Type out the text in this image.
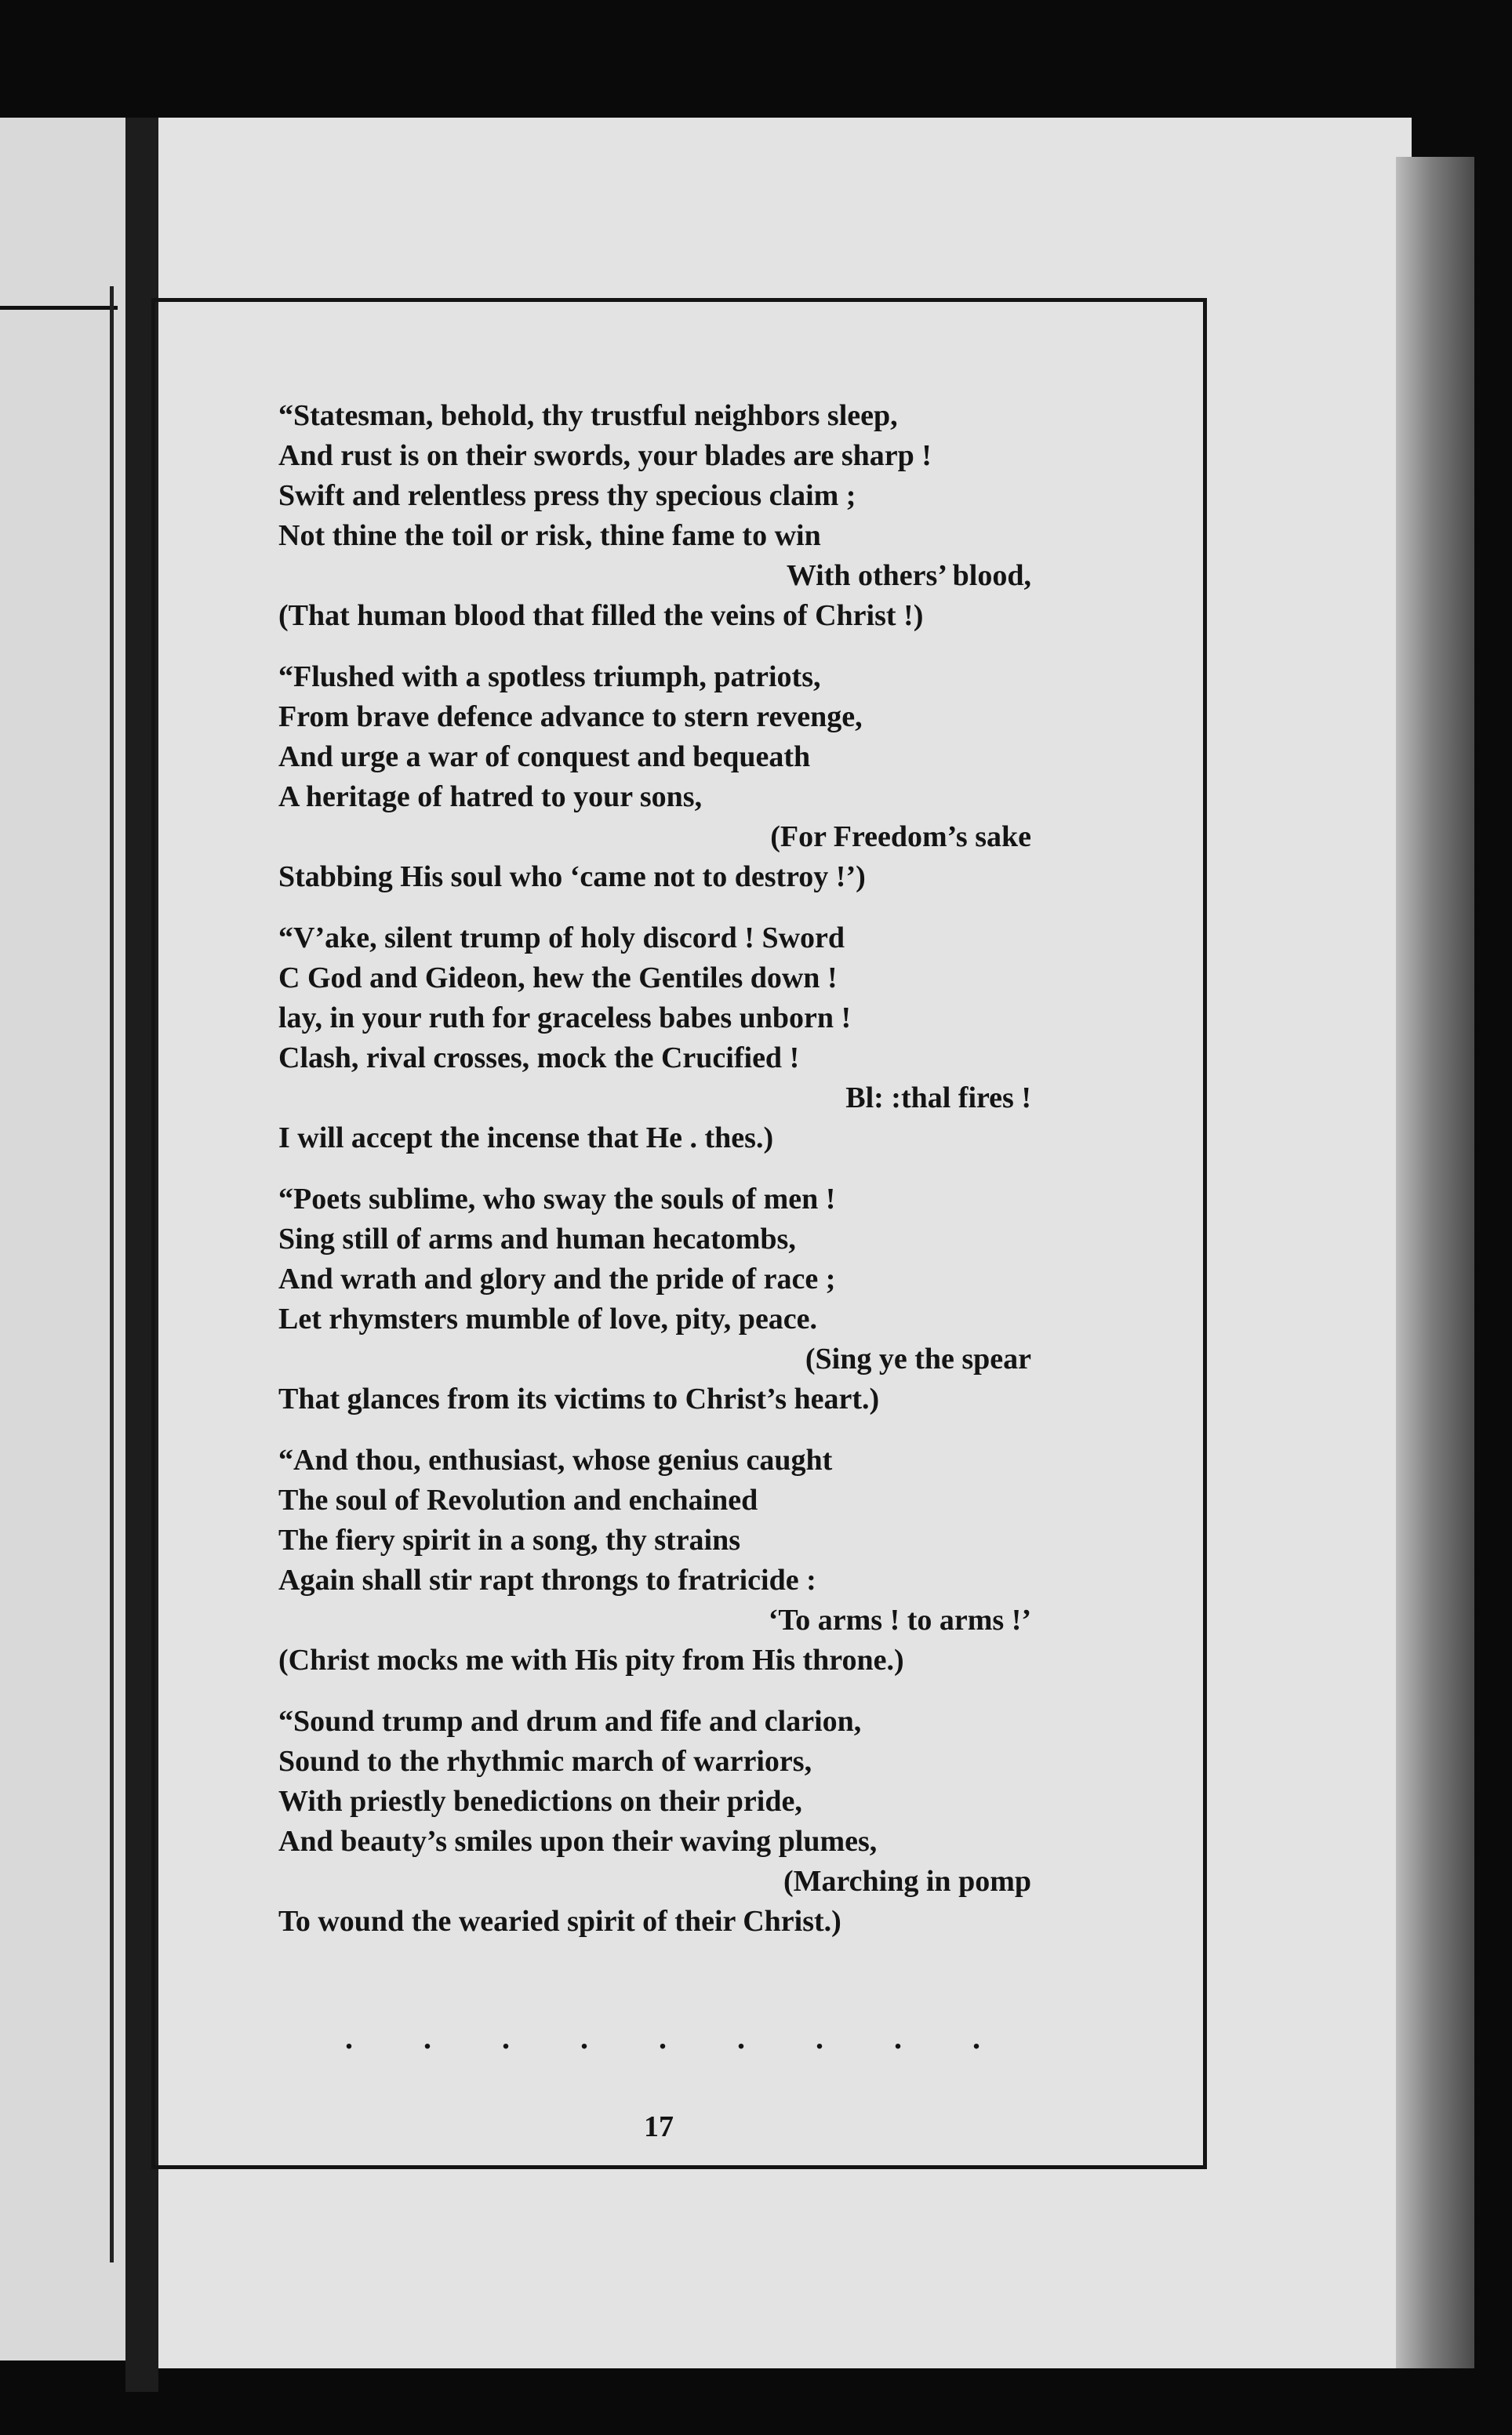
“Statesman, behold, thy trustful neighbors sleep,
And rust is on their swords, your blades are sharp !
Swift and relentless press thy specious claim ;
Not thine the toil or risk, thine fame to win
With others’ blood,
(That human blood that filled the veins of Christ !)
“Flushed with a spotless triumph, patriots,
From brave defence advance to stern revenge,
And urge a war of conquest and bequeath
A heritage of hatred to your sons,
(For Freedom’s sake
Stabbing His soul who ‘came not to destroy !’)
“V’ake, silent trump of holy discord ! Sword
C God and Gideon, hew the Gentiles down !
lay, in your ruth for graceless babes unborn !
Clash, rival crosses, mock the Crucified !
Bl: :thal fires !
I will accept the incense that He . thes.)
“Poets sublime, who sway the souls of men !
Sing still of arms and human hecatombs,
And wrath and glory and the pride of race ;
Let rhymsters mumble of love, pity, peace.
(Sing ye the spear
That glances from its victims to Christ’s heart.)
“And thou, enthusiast, whose genius caught
The soul of Revolution and enchained
The fiery spirit in a song, thy strains
Again shall stir rapt throngs to fratricide :
‘To arms ! to arms !’
(Christ mocks me with His pity from His throne.)
“Sound trump and drum and fife and clarion,
Sound to the rhythmic march of warriors,
With priestly benedictions on their pride,
And beauty’s smiles upon their waving plumes,
(Marching in pomp
To wound the wearied spirit of their Christ.)
. . . . . . . . .
17
